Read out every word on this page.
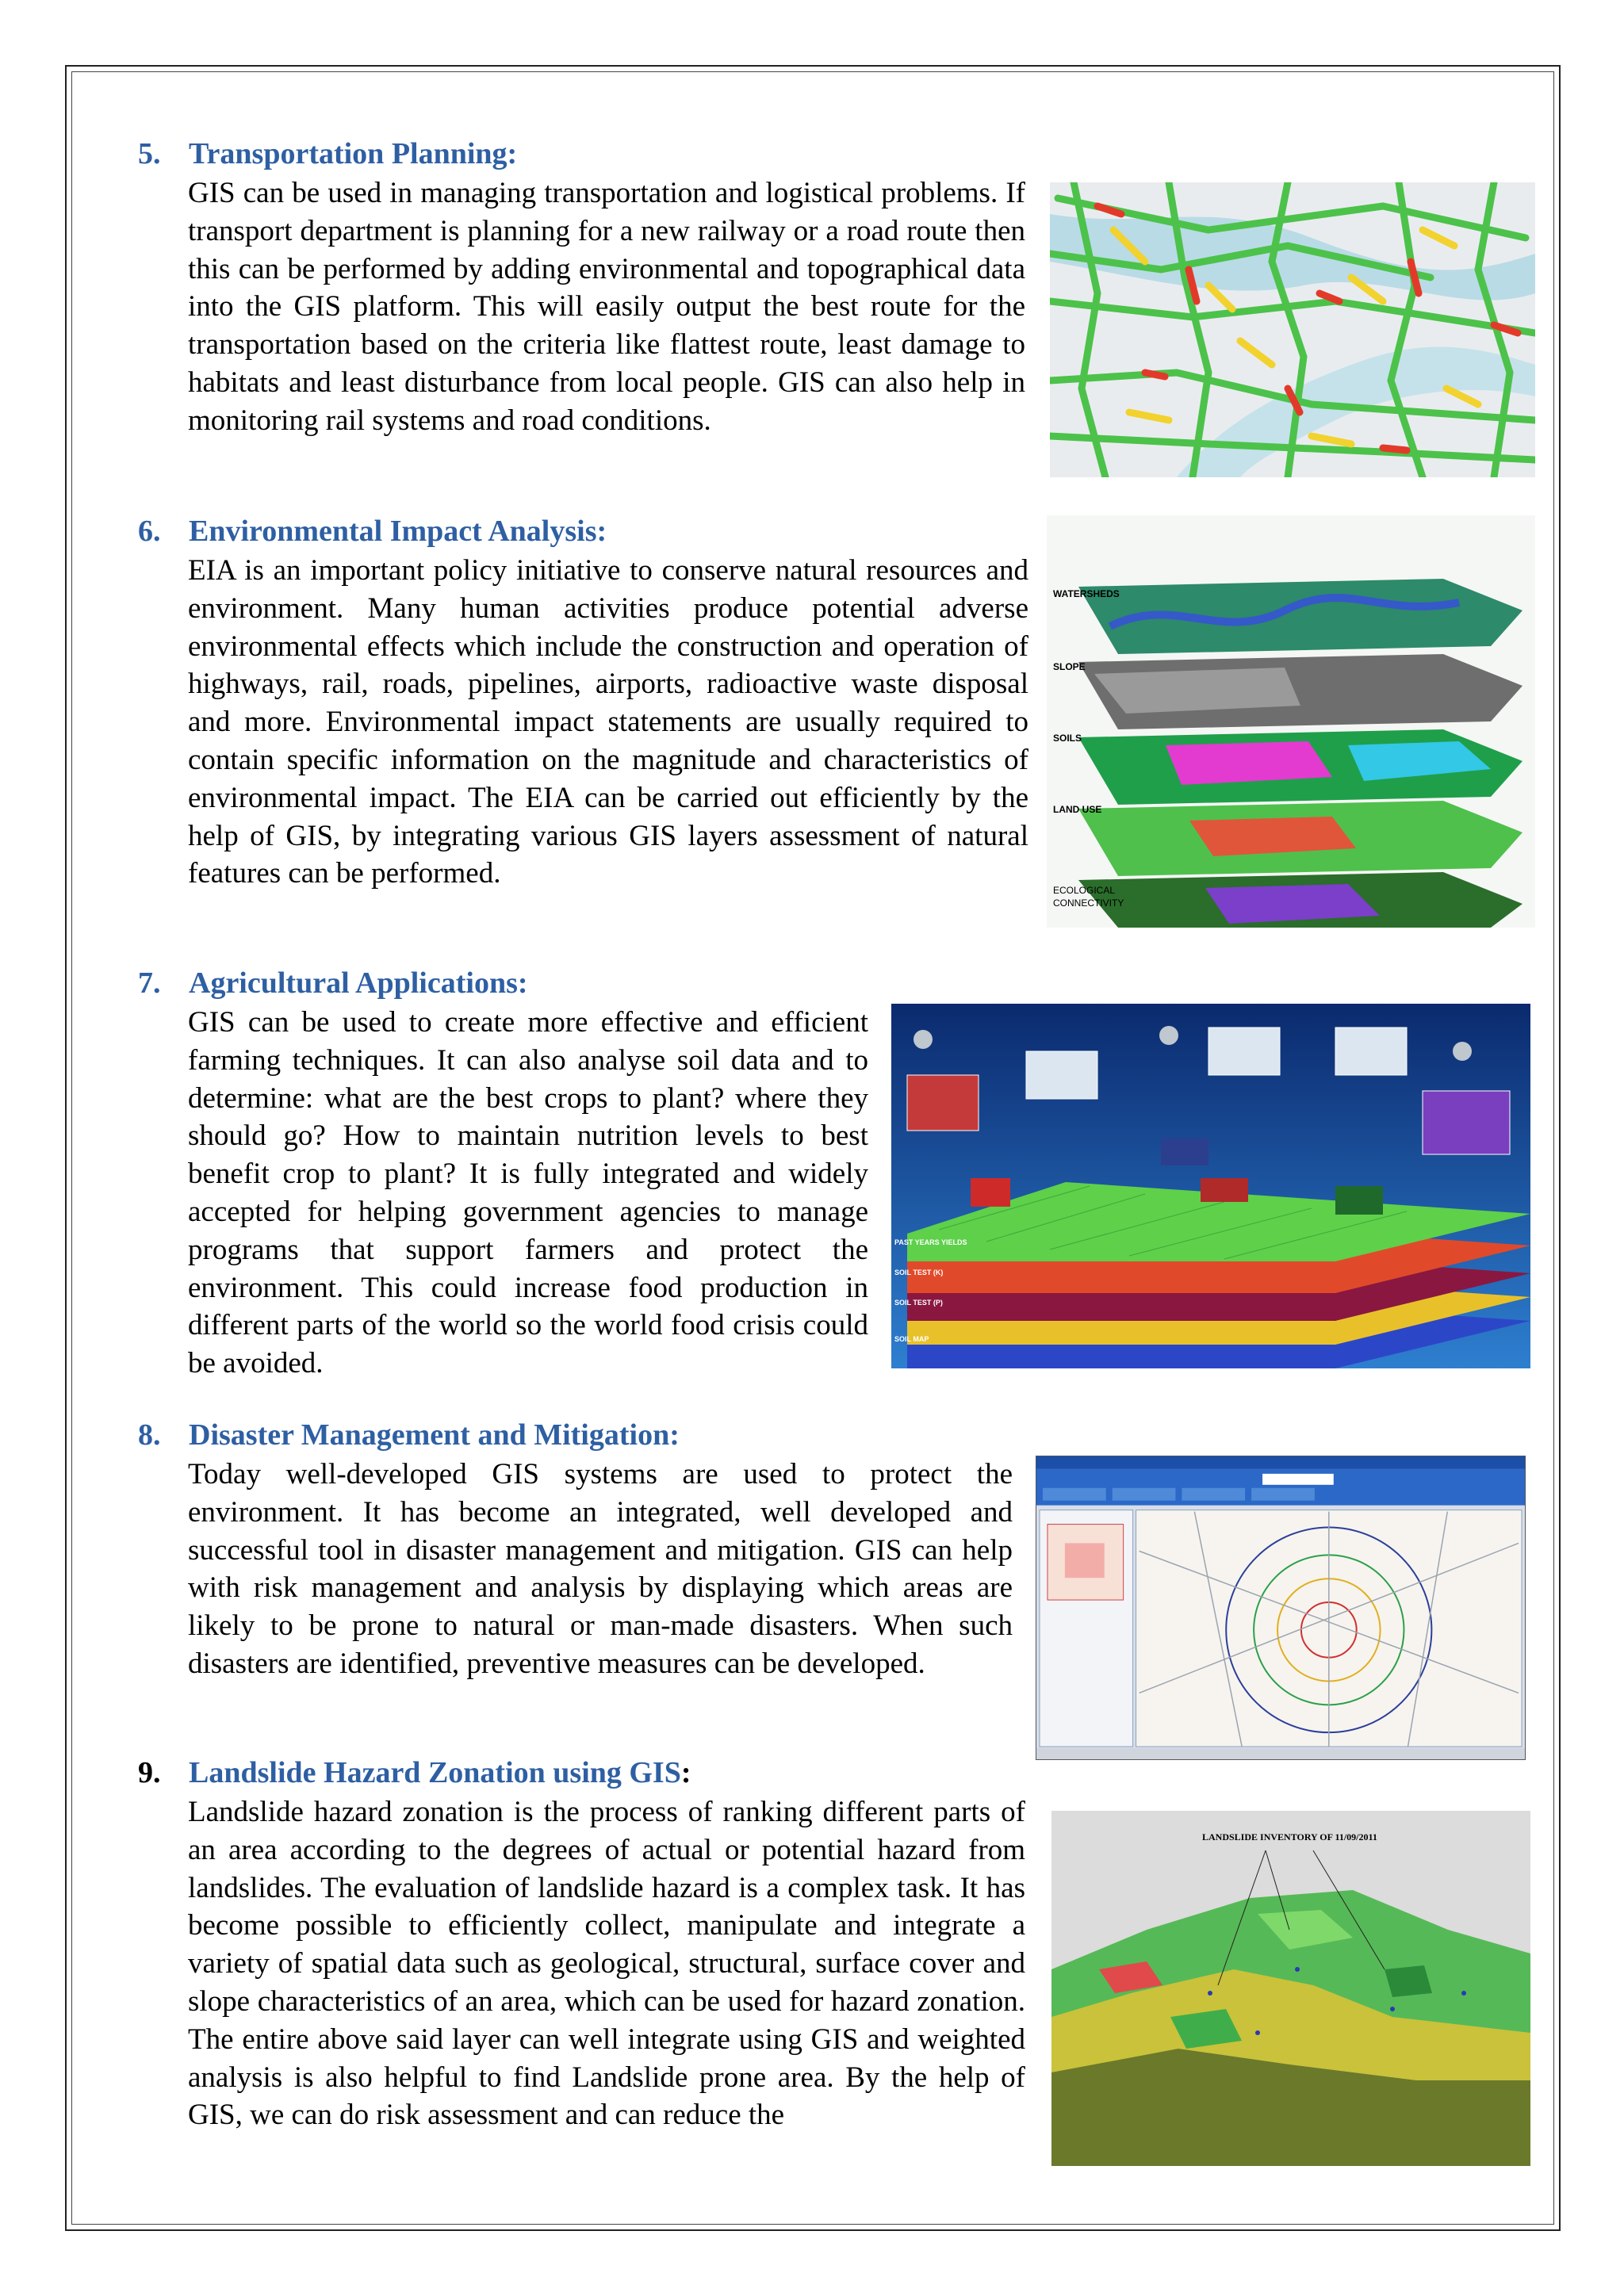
5. Transportation Planning:
GIS can be used in managing transportation and logistical problems. If transport department is planning for a new railway or a road route then this can be performed by adding environmental and topographical data into the GIS platform. This will easily output the best route for the transportation based on the criteria like flattest route, least damage to habitats and least disturbance from local people. GIS can also help in monitoring rail systems and road conditions.
6. Environmental Impact Analysis:
EIA is an important policy initiative to conserve natural resources and environment. Many human activities produce potential adverse environmental effects which include the construction and operation of highways, rail, roads, pipelines, airports, radioactive waste disposal and more. Environmental impact statements are usually required to contain specific information on the magnitude and characteristics of environmental impact. The EIA can be carried out efficiently by the help of GIS, by integrating various GIS layers assessment of natural features can be performed.
WATERSHEDS
SLOPE
SOILS
LAND USE
ECOLOGICAL
CONNECTIVITY
7. Agricultural Applications:
GIS can be used to create more effective and efficient farming techniques. It can also analyse soil data and to determine: what are the best crops to plant? where they should go? How to maintain nutrition levels to best benefit crop to plant? It is fully integrated and widely accepted for helping government agencies to manage programs that support farmers and protect the environment. This could increase food production in different parts of the world so the world food crisis could be avoided.
PAST YEARS YIELDS
SOIL TEST (K)
SOIL TEST (P)
SOIL MAP
8. Disaster Management and Mitigation:
Today well-developed GIS systems are used to protect the environment. It has become an integrated, well developed and successful tool in disaster management and mitigation. GIS can help with risk management and analysis by displaying which areas are likely to be prone to natural or man-made disasters. When such disasters are identified, preventive measures can be developed.
9. Landslide Hazard Zonation using GIS:
Landslide hazard zonation is the process of ranking different parts of an area according to the degrees of actual or potential hazard from landslides. The evaluation of landslide hazard is a complex task. It has become possible to efficiently collect, manipulate and integrate a variety of spatial data such as geological, structural, surface cover and slope characteristics of an area, which can be used for hazard zonation. The entire above said layer can well integrate using GIS and weighted analysis is also helpful to find Landslide prone area. By the help of GIS, we can do risk assessment and can reduce the
LANDSLIDE INVENTORY OF 11/09/2011
